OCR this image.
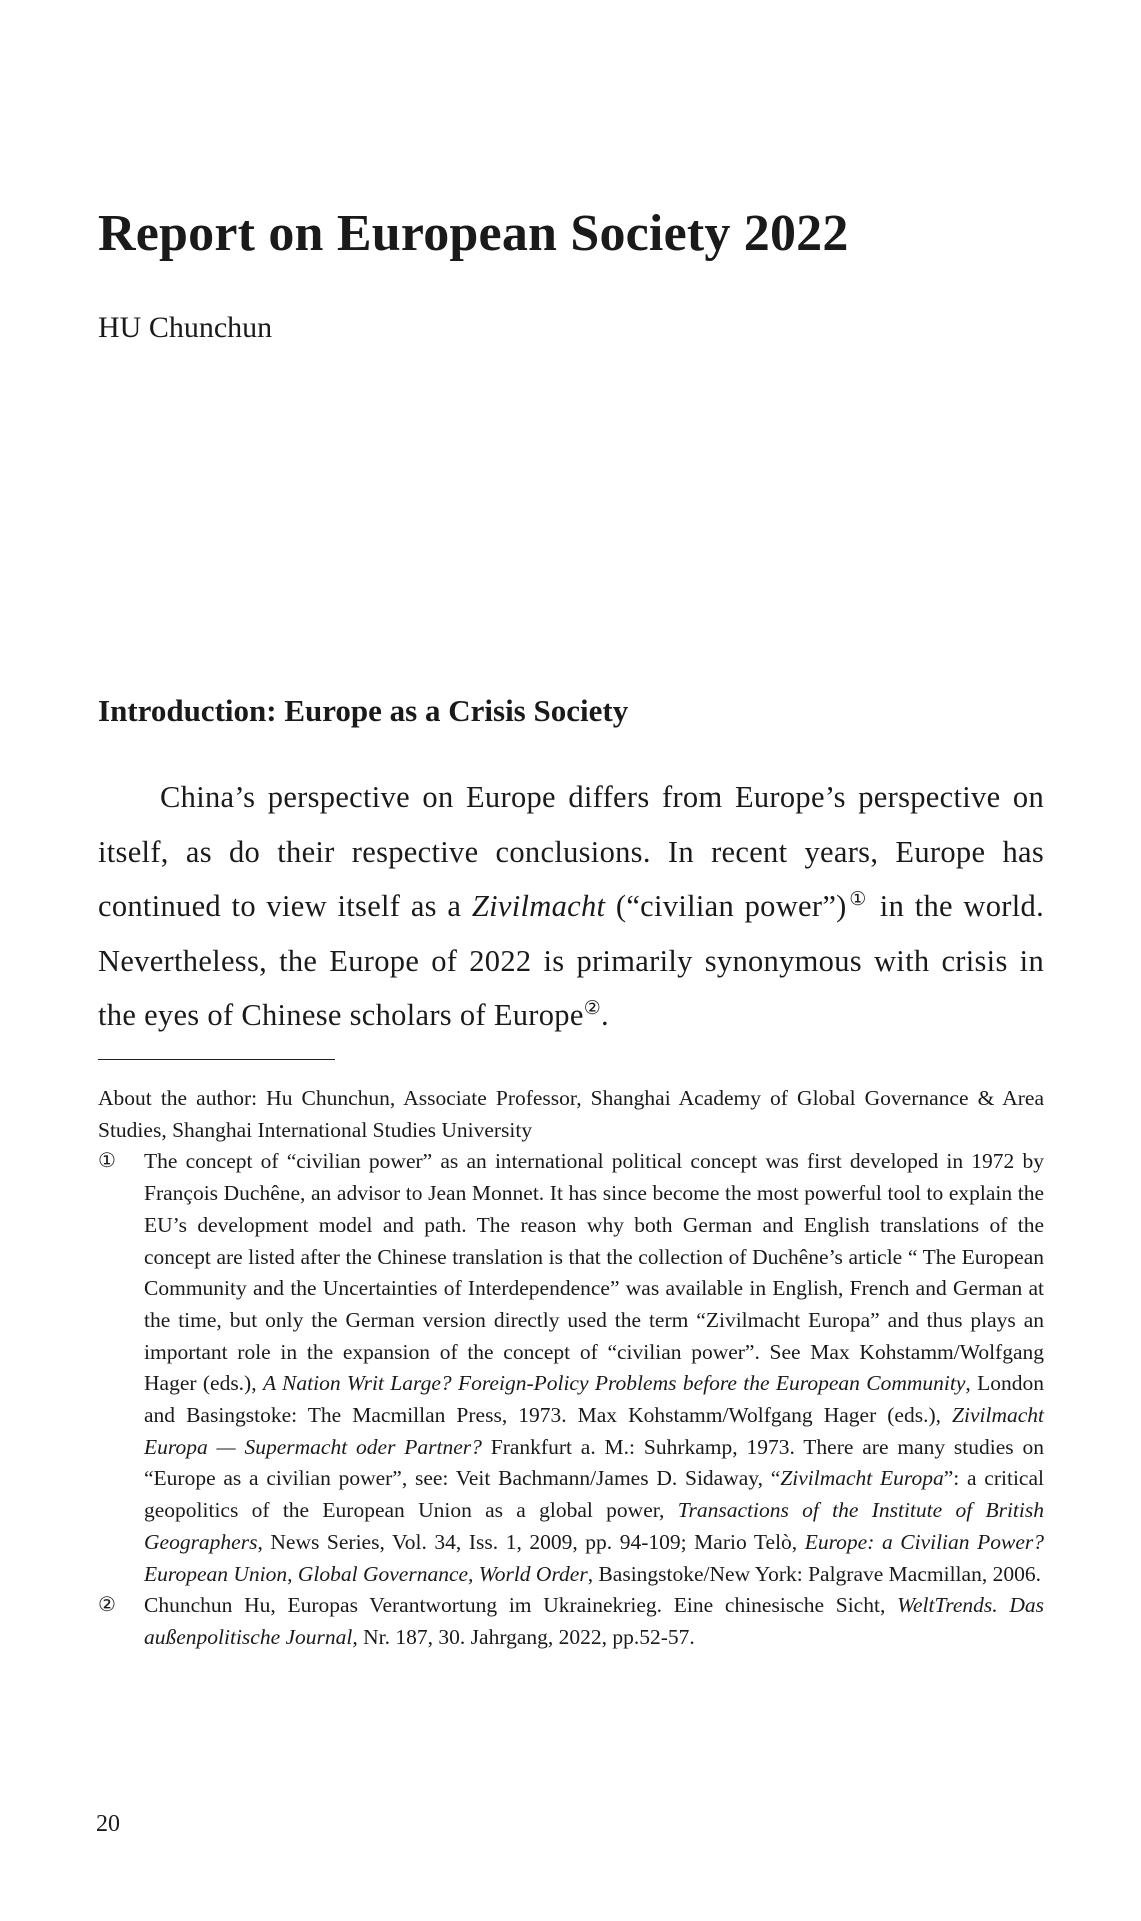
Report on European Society 2022

HU Chunchun

Introduction: Europe as a Crisis Society

China’s perspective on Europe differs from Europe’s perspective on itself, as do their respective conclusions. In recent years, Europe has continued to view itself as a Zivilmacht (“civilian power”)① in the world. Nevertheless, the Europe of 2022 is primarily synonymous with crisis in the eyes of Chinese scholars of Europe②.

About the author: Hu Chunchun, Associate Professor, Shanghai Academy of Global Governance & Area Studies, Shanghai International Studies University

① The concept of “civilian power” as an international political concept was first developed in 1972 by François Duchêne, an advisor to Jean Monnet. It has since become the most powerful tool to explain the EU’s development model and path. The reason why both German and English translations of the concept are listed after the Chinese translation is that the collection of Duchêne’s article “ The European Community and the Uncertainties of Interdependence” was available in English, French and German at the time, but only the German version directly used the term “Zivilmacht Europa” and thus plays an important role in the expansion of the concept of “civilian power”. See Max Kohstamm/Wolfgang Hager (eds.), A Nation Writ Large? Foreign-Policy Problems before the European Community, London and Basingstoke: The Macmillan Press, 1973. Max Kohstamm/Wolfgang Hager (eds.), Zivilmacht Europa — Supermacht oder Partner? Frankfurt a. M.: Suhrkamp, 1973. There are many studies on “Europe as a civilian power”, see: Veit Bachmann/James D. Sidaway, “Zivilmacht Europa”: a critical geopolitics of the European Union as a global power, Transactions of the Institute of British Geographers, News Series, Vol. 34, Iss. 1, 2009, pp. 94-109; Mario Telò, Europe: a Civilian Power? European Union, Global Governance, World Order, Basingstoke/New York: Palgrave Macmillan, 2006.

② Chunchun Hu, Europas Verantwortung im Ukrainekrieg. Eine chinesische Sicht, WeltTrends. Das außenpolitische Journal, Nr. 187, 30. Jahrgang, 2022, pp.52-57.

20
